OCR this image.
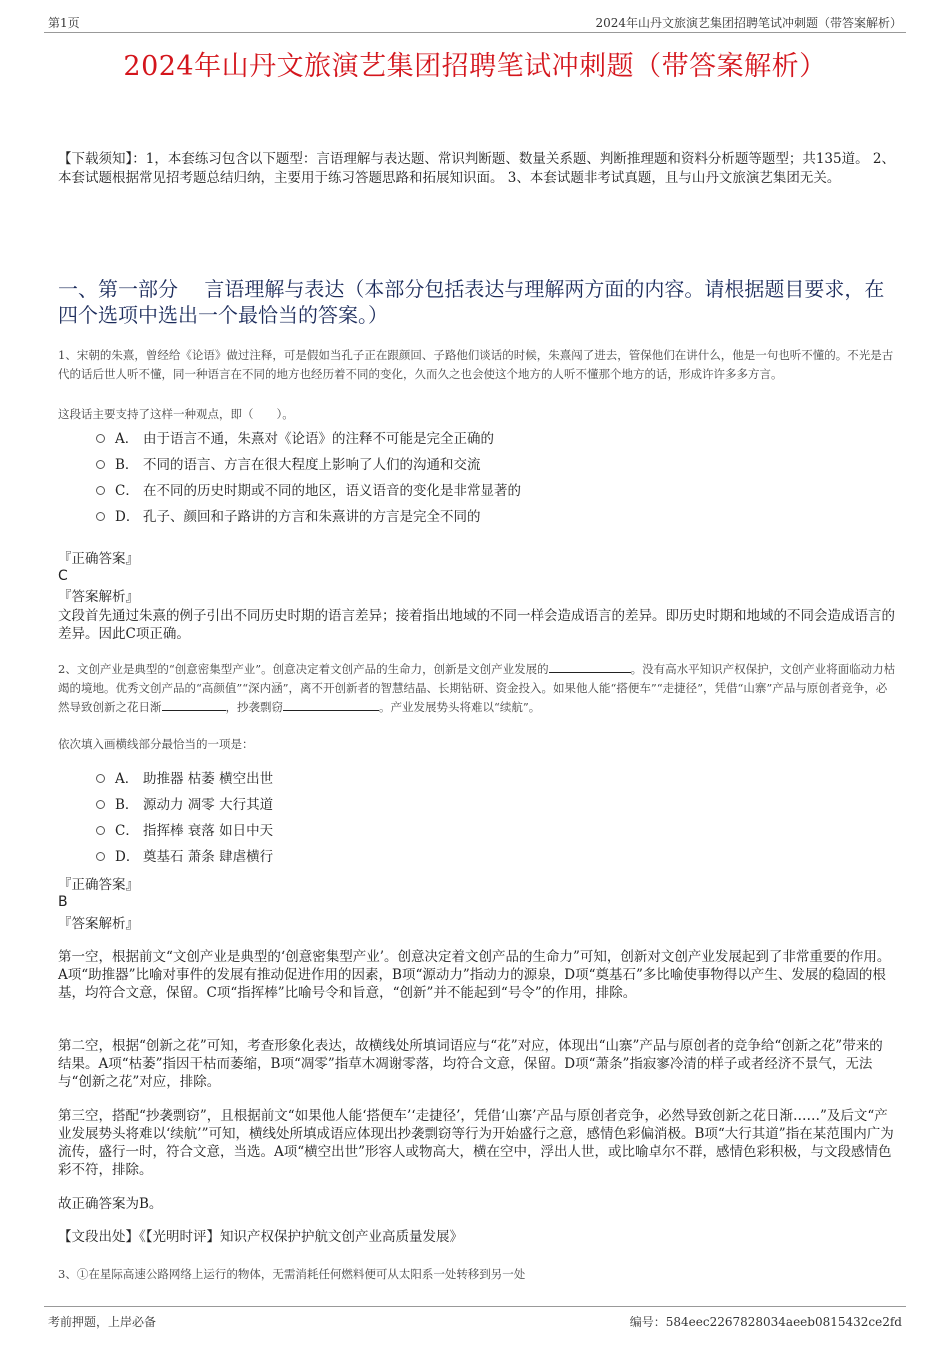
第1页	2024年山丹文旅演艺集团招聘笔试冲刺题（带答案解析）
2024年山丹文旅演艺集团招聘笔试冲刺题（带答案解析）
【下载须知】：1，本套练习包含以下题型：言语理解与表达题、常识判断题、数量关系题、判断推理题和资料分析题等题型；共135道。 2、本套试题根据常见招考题总结归纳，主要用于练习答题思路和拓展知识面。 3、本套试题非考试真题，且与山丹文旅演艺集团无关。
一、第一部分　 言语理解与表达（本部分包括表达与理解两方面的内容。请根据题目要求，在四个选项中选出一个最恰当的答案。）
1、宋朝的朱熹，曾经给《论语》做过注释，可是假如当孔子正在跟颜回、子路他们谈话的时候，朱熹闯了进去，管保他们在讲什么，他是一句也听不懂的。不光是古代的话后世人听不懂，同一种语言在不同的地方也经历着不同的变化，久而久之也会使这个地方的人听不懂那个地方的话，形成许许多多方言。
这段话主要支持了这样一种观点，即（　　）。
A． 由于语言不通，朱熹对《论语》的注释不可能是完全正确的
B． 不同的语言、方言在很大程度上影响了人们的沟通和交流
C． 在不同的历史时期或不同的地区，语义语音的变化是非常显著的
D． 孔子、颜回和子路讲的方言和朱熹讲的方言是完全不同的
『正确答案』
C
『答案解析』
文段首先通过朱熹的例子引出不同历史时期的语言差异；接着指出地域的不同一样会造成语言的差异。即历史时期和地域的不同会造成语言的差异。因此C项正确。
2、文创产业是典型的“创意密集型产业”。创意决定着文创产品的生命力，创新是文创产业发展的	。没有高水平知识产权保护，文创产业将面临动力枯竭的境地。优秀文创产品的“高颜值”“深内涵”，离不开创新者的智慧结晶、长期钻研、资金投入。如果他人能“搭便车”“走捷径”，凭借“山寨”产品与原创者竞争，必然导致创新之花日渐	，抄袭剽窃	。产业发展势头将难以“续航”。
依次填入画横线部分最恰当的一项是：
A． 助推器 枯萎 横空出世
B． 源动力 凋零 大行其道
C． 指挥棒 衰落 如日中天
D． 奠基石 萧条 肆虐横行
『正确答案』
B
『答案解析』
第一空，根据前文“文创产业是典型的‘创意密集型产业’。创意决定着文创产品的生命力”可知，创新对文创产业发展起到了非常重要的作用。A项“助推器”比喻对事件的发展有推动促进作用的因素，B项“源动力”指动力的源泉，D项“奠基石”多比喻使事物得以产生、发展的稳固的根基，均符合文意，保留。C项“指挥棒”比喻号令和旨意，“创新”并不能起到“号令”的作用，排除。
第二空，根据“创新之花”可知，考查形象化表达，故横线处所填词语应与“花”对应，体现出“山寨”产品与原创者的竞争给“创新之花”带来的结果。A项“枯萎”指因干枯而萎缩，B项“凋零”指草木凋谢零落，均符合文意，保留。D项“萧条”指寂寥冷清的样子或者经济不景气，无法与“创新之花”对应，排除。
第三空，搭配“抄袭剽窃”，且根据前文“如果他人能‘搭便车’‘走捷径’，凭借‘山寨’产品与原创者竞争，必然导致创新之花日渐……”及后文“产业发展势头将难以‘续航’”可知，横线处所填成语应体现出抄袭剽窃等行为开始盛行之意，感情色彩偏消极。B项“大行其道”指在某范围内广为流传，盛行一时，符合文意，当选。A项“横空出世”形容人或物高大，横在空中，浮出人世，或比喻卓尔不群，感情色彩积极，与文段感情色彩不符，排除。
故正确答案为B。
【文段出处】《【光明时评】知识产权保护护航文创产业高质量发展》
3、①在星际高速公路网络上运行的物体，无需消耗任何燃料便可从太阳系一处转移到另一处
考前押题，上岸必备	编号：584eec2267828034aeeb0815432ce2fd
